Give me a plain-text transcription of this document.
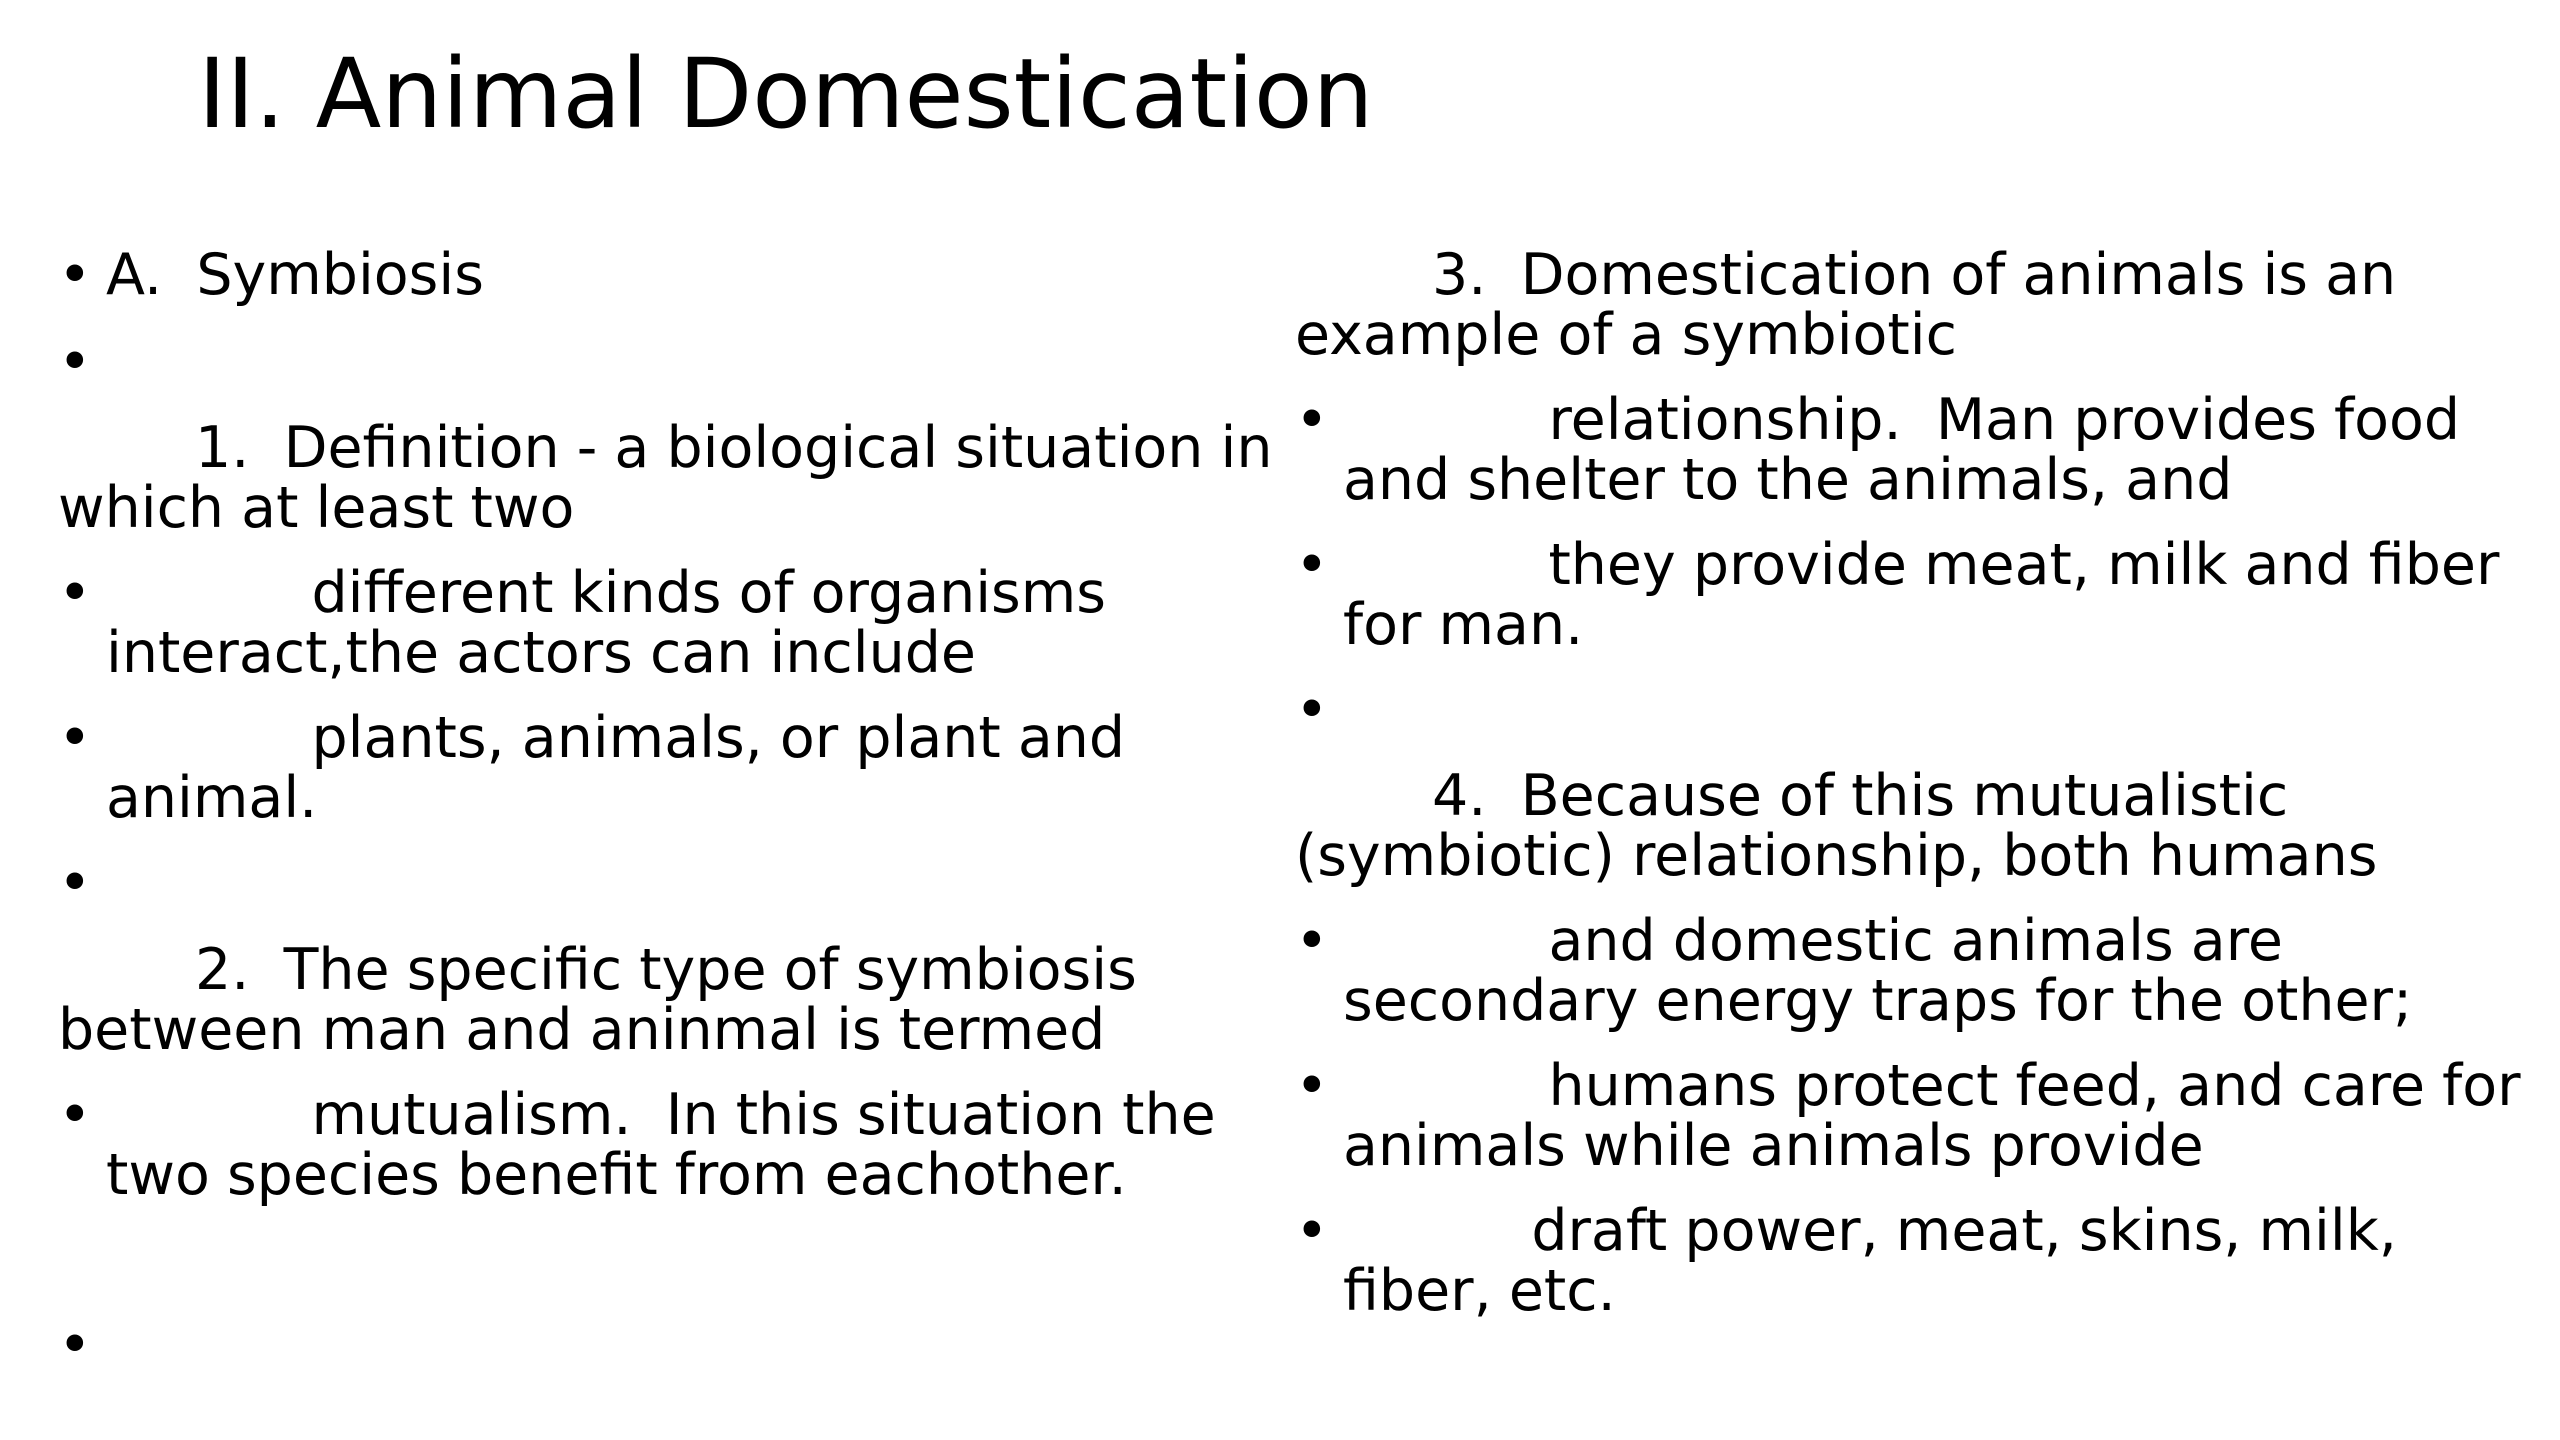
II. Animal Domestication
• A.  Symbiosis
•
1.  Definition - a biological situation in which at least two
• different kinds of organisms interact,the actors can include
• plants, animals, or plant and animal.
•
2.  The specific type of symbiosis between man and aninmal is termed
• mutualism.  In this situation the two species benefit from eachother.
•
3.  Domestication of animals is an example of a symbiotic
• relationship.  Man provides food and shelter to the animals, and
• they provide meat, milk and fiber for man.
•
4.  Because of this mutualistic (symbiotic) relationship, both humans
• and domestic animals are secondary energy traps for the other;
• humans protect feed, and care for animals while animals provide
• draft power, meat, skins, milk, fiber, etc.
